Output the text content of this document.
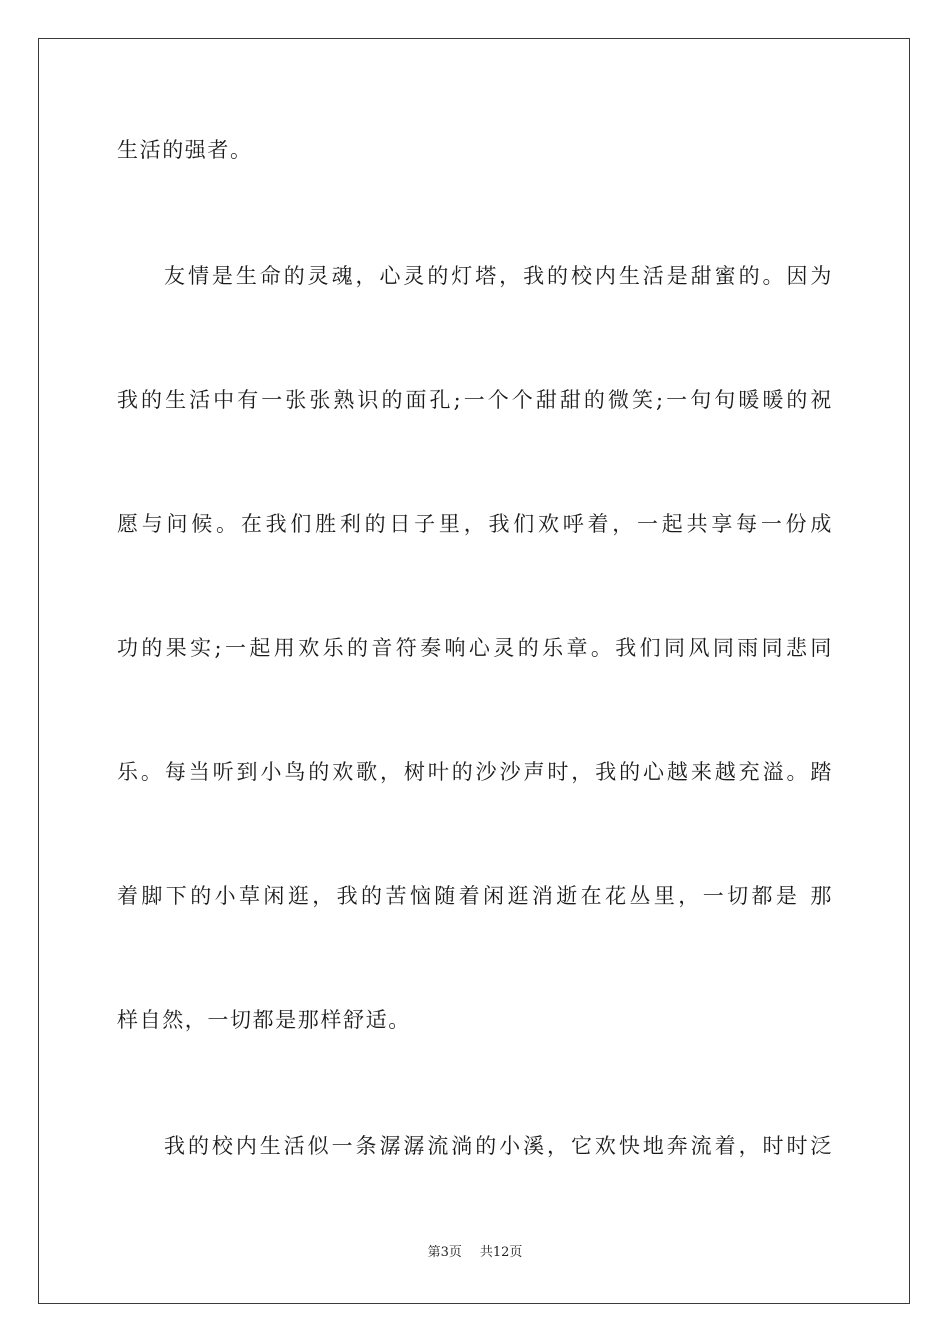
生活的强者。
友情是生命的灵魂，心灵的灯塔，我的校内生活是甜蜜的。因为
我的生活中有一张张熟识的面孔;一个个甜甜的微笑;一句句暖暖的祝
愿与问候。在我们胜利的日子里，我们欢呼着，一起共享每一份成
功的果实;一起用欢乐的音符奏响心灵的乐章。我们同风同雨同悲同
乐。每当听到小鸟的欢歌，树叶的沙沙声时，我的心越来越充溢。踏
着脚下的小草闲逛，我的苦恼随着闲逛消逝在花丛里，一切都是 那
样自然，一切都是那样舒适。
我的校内生活似一条潺潺流淌的小溪，它欢快地奔流着，时时泛
第3页 共12页
